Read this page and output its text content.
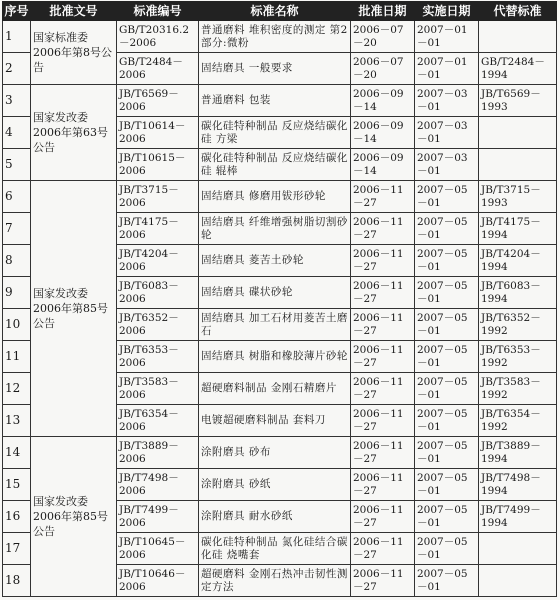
序号	批准文号	标准编号	标准名称	批准日期	实施日期	代替标准
1	国家标准委2006年第8号公告	GB/T20316.2－2006	普通磨料 堆积密度的测定 第2部分:微粉	2006－07－20	2007－01－01	
2		GB/T2484－2006	固结磨具 一般要求	2006－07－20	2007－01－01	GB/T2484－1994
3	国家发改委2006年第63号公告	JB/T6569－2006	普通磨料 包装	2006－09－14	2007－03－01	JB/T6569－1993
4		JB/T10614－2006	碳化硅特种制品 反应烧结碳化硅 方梁	2006－09－14	2007－03－01	
5		JB/T10615－2006	碳化硅特种制品 反应烧结碳化硅 辊棒	2006－09－14	2007－03－01	
6	国家发改委2006年第85号公告	JB/T3715－2006	固结磨具 修磨用钹形砂轮	2006－11－27	2007－05－01	JB/T3715－1993
7		JB/T4175－2006	固结磨具 纤维增强树脂切割砂轮	2006－11－27	2007－05－01	JB/T4175－1994
8		JB/T4204－2006	固结磨具 菱苦土砂轮	2006－11－27	2007－05－01	JB/T4204－1994
9		JB/T6083－2006	固结磨具 碟状砂轮	2006－11－27	2007－05－01	JB/T6083－1994
10		JB/T6352－2006	固结磨具 加工石材用菱苦土磨石	2006－11－27	2007－05－01	JB/T6352－1992
11		JB/T6353－2006	固结磨具 树脂和橡胶薄片砂轮	2006－11－27	2007－05－01	JB/T6353－1992
12		JB/T3583－2006	超硬磨料制品 金刚石精磨片	2006－11－27	2007－05－01	JB/T3583－1992
13		JB/T6354－2006	电镀超硬磨料制品 套料刀	2006－11－27	2007－05－01	JB/T6354－1992
14	国家发改委2006年第85号公告	JB/T3889－2006	涂附磨具 砂布	2006－11－27	2007－05－01	JB/T3889－1994
15		JB/T7498－2006	涂附磨具 砂纸	2006－11－27	2007－05－01	JB/T7498－1994
16		JB/T7499－2006	涂附磨具 耐水砂纸	2006－11－27	2007－05－01	JB/T7499－1994
17		JB/T10645－2006	碳化硅特种制品 氮化硅结合碳化硅 烧嘴套	2006－11－27	2007－05－01	
18		JB/T10646－2006	超硬磨料 金刚石热冲击韧性测定方法	2006－11－27	2007－05－01	
